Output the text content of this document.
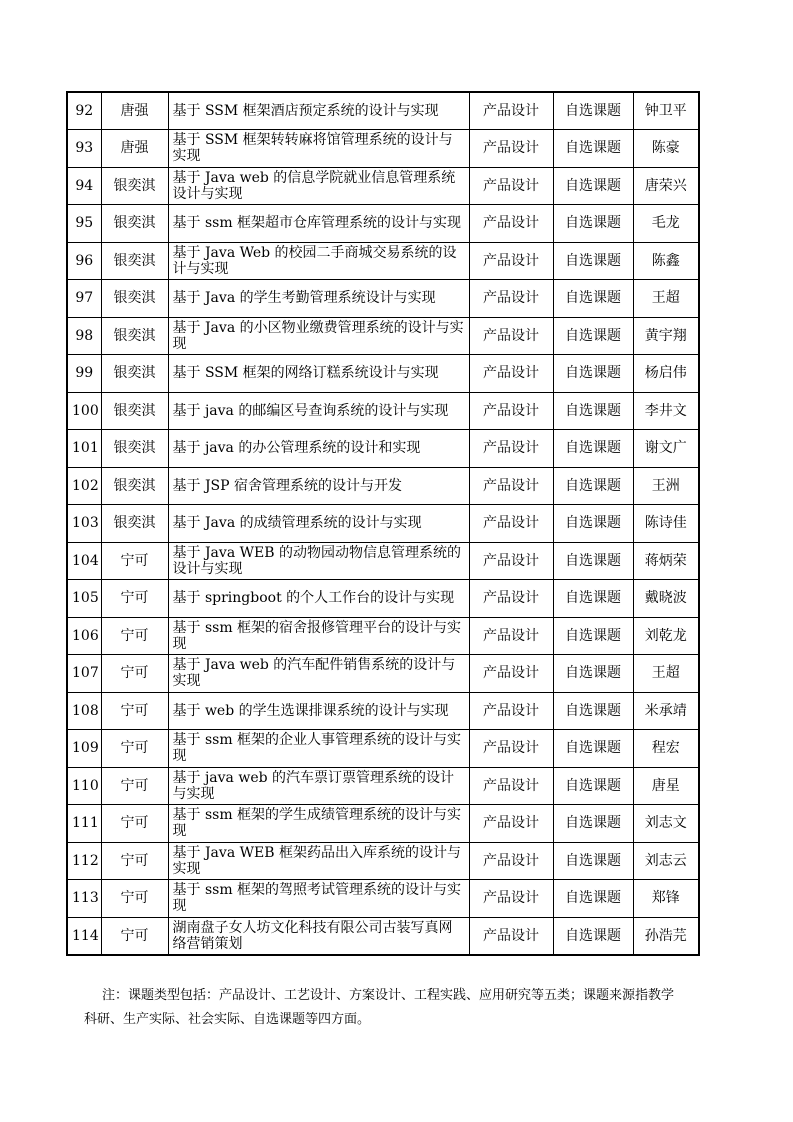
92	唐强	基于 SSM 框架酒店预定系统的设计与实现	产品设计	自选课题	钟卫平
93	唐强	基于 SSM 框架转转麻将馆管理系统的设计与实现	产品设计	自选课题	陈豪
94	银奕淇	基于 Java web 的信息学院就业信息管理系统设计与实现	产品设计	自选课题	唐荣兴
95	银奕淇	基于 ssm 框架超市仓库管理系统的设计与实现	产品设计	自选课题	毛龙
96	银奕淇	基于 Java Web 的校园二手商城交易系统的设计与实现	产品设计	自选课题	陈鑫
97	银奕淇	基于 Java 的学生考勤管理系统设计与实现	产品设计	自选课题	王超
98	银奕淇	基于 Java 的小区物业缴费管理系统的设计与实现	产品设计	自选课题	黄宇翔
99	银奕淇	基于 SSM 框架的网络订糕系统设计与实现	产品设计	自选课题	杨启伟
100	银奕淇	基于 java 的邮编区号查询系统的设计与实现	产品设计	自选课题	李井文
101	银奕淇	基于 java 的办公管理系统的设计和实现	产品设计	自选课题	谢文广
102	银奕淇	基于 JSP 宿舍管理系统的设计与开发	产品设计	自选课题	王洲
103	银奕淇	基于 Java 的成绩管理系统的设计与实现	产品设计	自选课题	陈诗佳
104	宁可	基于 Java WEB 的动物园动物信息管理系统的设计与实现	产品设计	自选课题	蒋炳荣
105	宁可	基于 springboot 的个人工作台的设计与实现	产品设计	自选课题	戴晓波
106	宁可	基于 ssm 框架的宿舍报修管理平台的设计与实现	产品设计	自选课题	刘乾龙
107	宁可	基于 Java web 的汽车配件销售系统的设计与实现	产品设计	自选课题	王超
108	宁可	基于 web 的学生选课排课系统的设计与实现	产品设计	自选课题	米承靖
109	宁可	基于 ssm 框架的企业人事管理系统的设计与实现	产品设计	自选课题	程宏
110	宁可	基于 java web 的汽车票订票管理系统的设计与实现	产品设计	自选课题	唐星
111	宁可	基于 ssm 框架的学生成绩管理系统的设计与实现	产品设计	自选课题	刘志文
112	宁可	基于 Java WEB 框架药品出入库系统的设计与实现	产品设计	自选课题	刘志云
113	宁可	基于 ssm 框架的驾照考试管理系统的设计与实现	产品设计	自选课题	郑锋
114	宁可	湖南盘子女人坊文化科技有限公司古装写真网络营销策划	产品设计	自选课题	孙浩芫
注：课题类型包括：产品设计、工艺设计、方案设计、工程实践、应用研究等五类；课题来源指教学科研、生产实际、社会实际、自选课题等四方面。
